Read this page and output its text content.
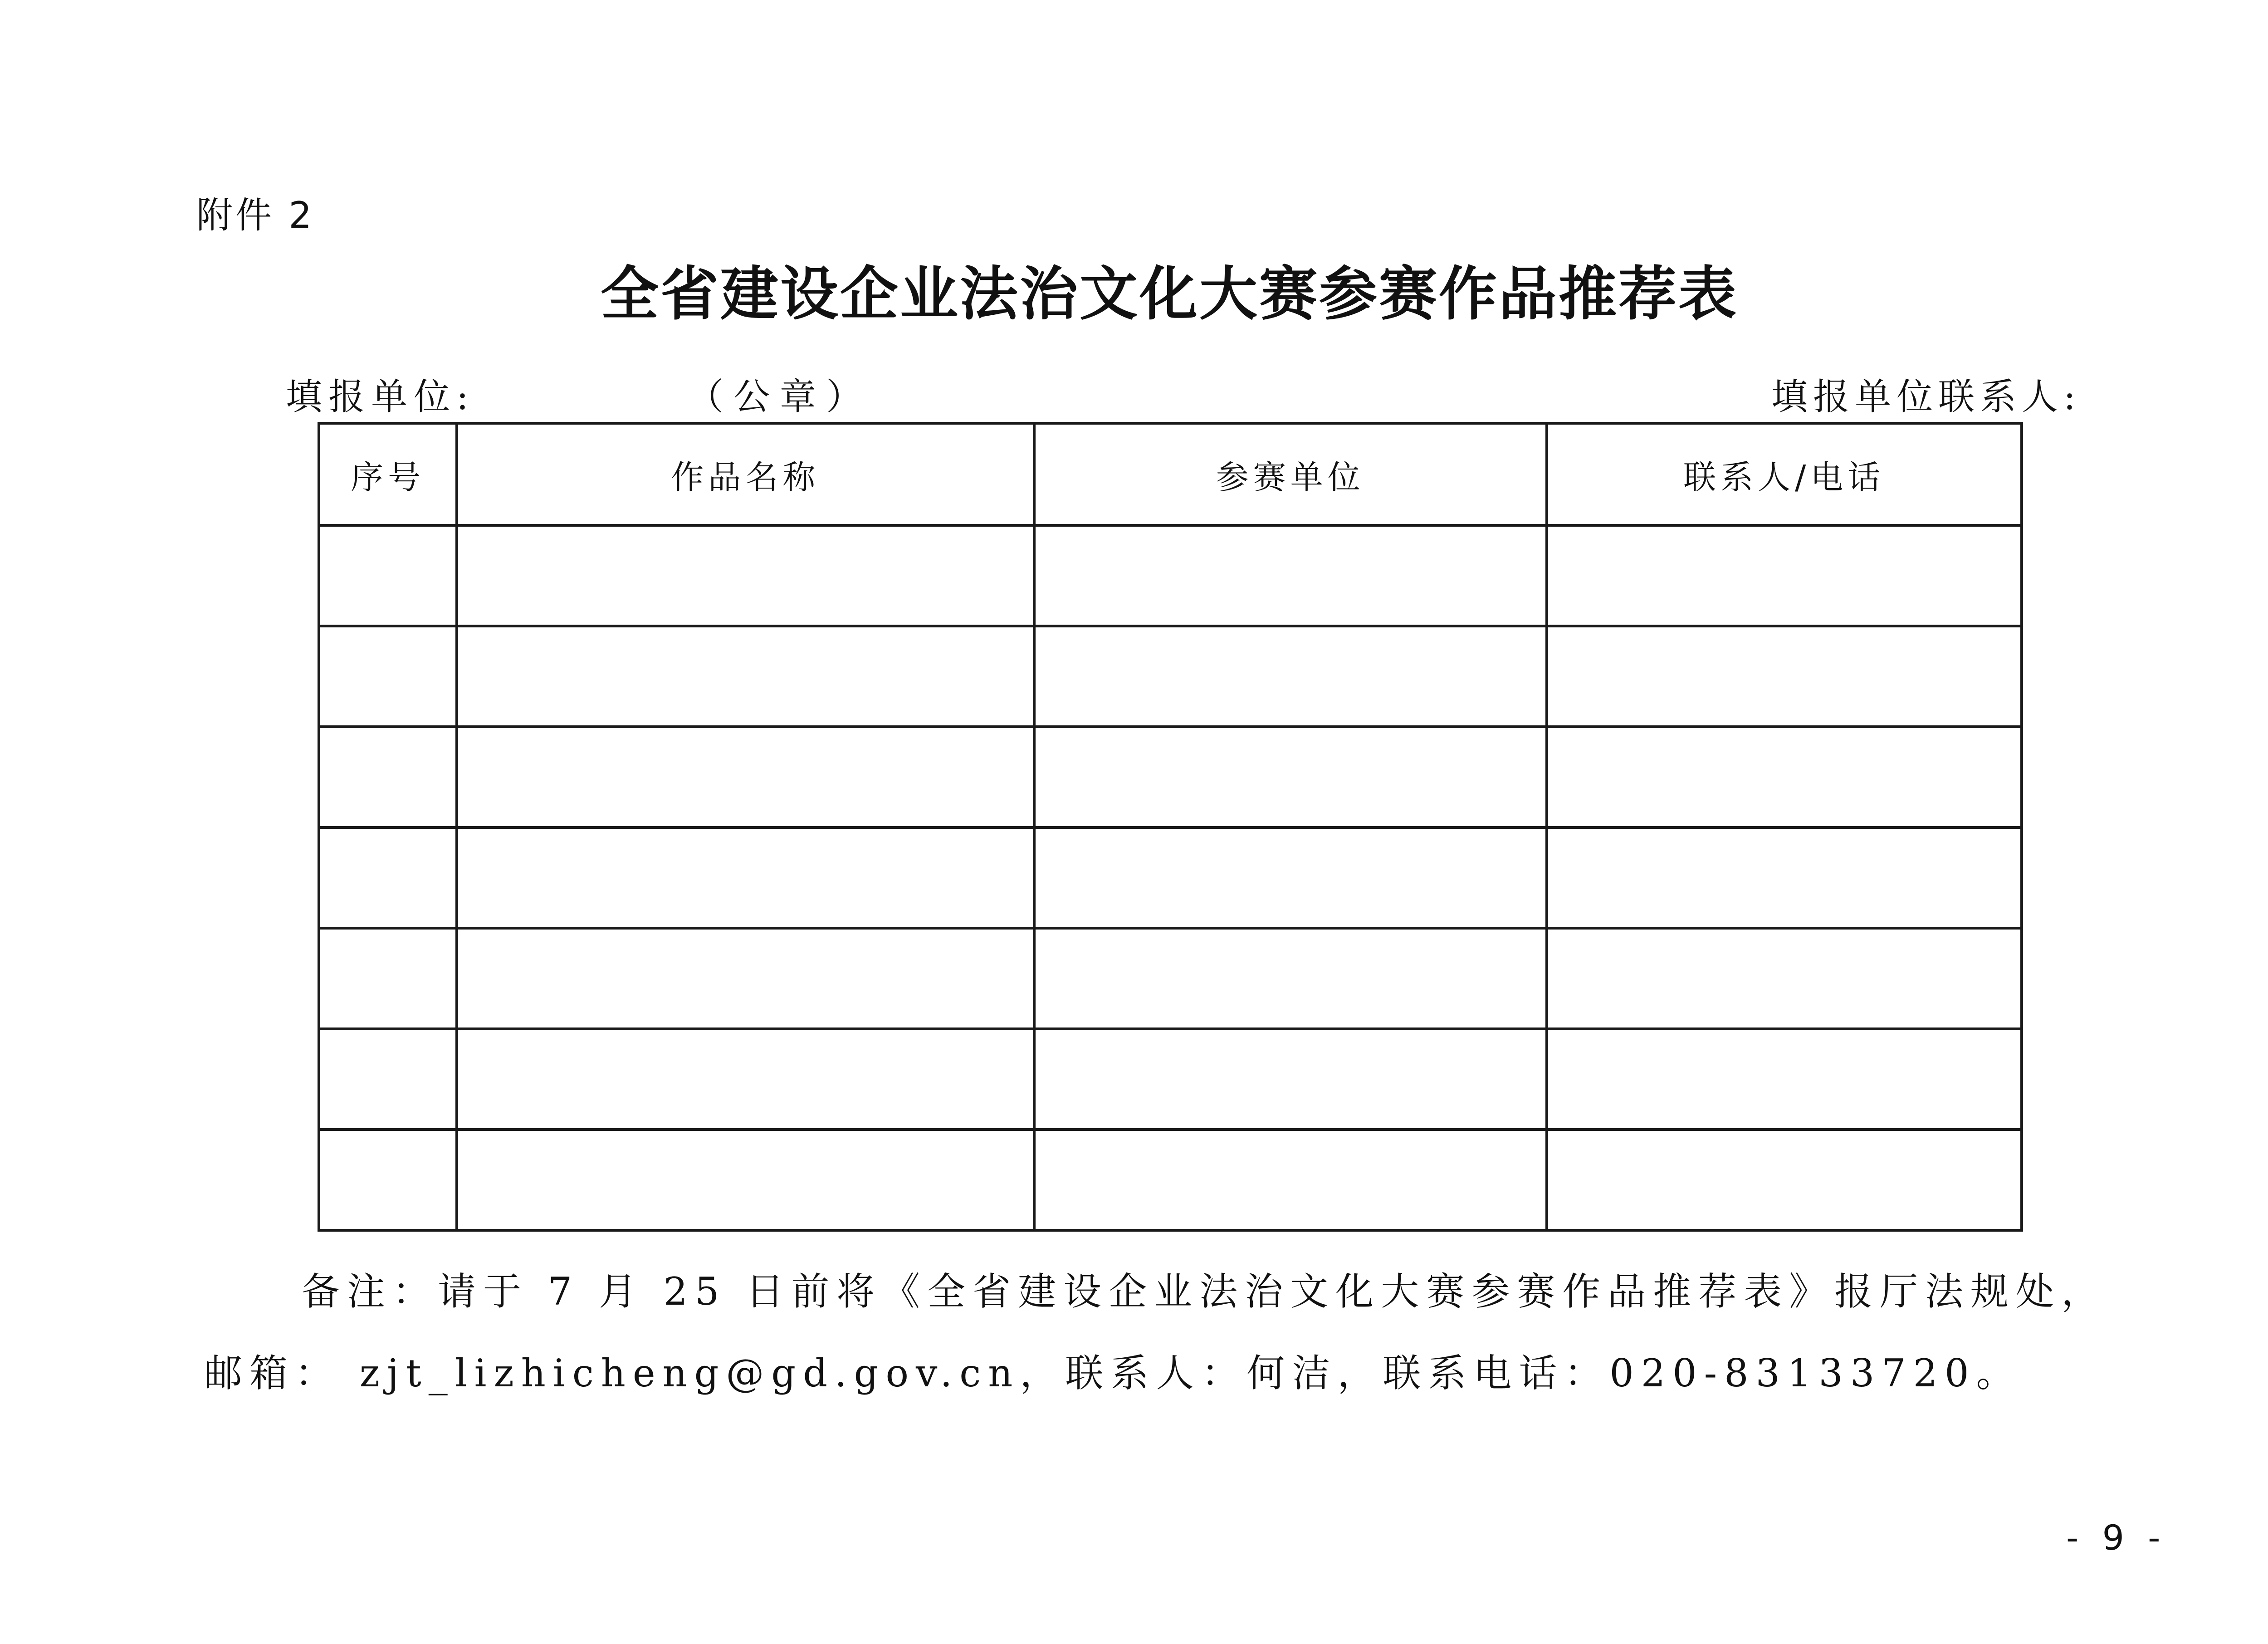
附件 2
全省建设企业法治文化大赛参赛作品推荐表
填报单位:	（公章）	填报单位联系人:
序号	作品名称	参赛单位	联系人/电话

备注：请于 7 月 25 日前将《全省建设企业法治文化大赛参赛作品推荐表》报厅法规处，
邮箱： zjt_lizhicheng@gd.gov.cn，联系人：何洁，联系电话：020-83133720。
- 9 -
